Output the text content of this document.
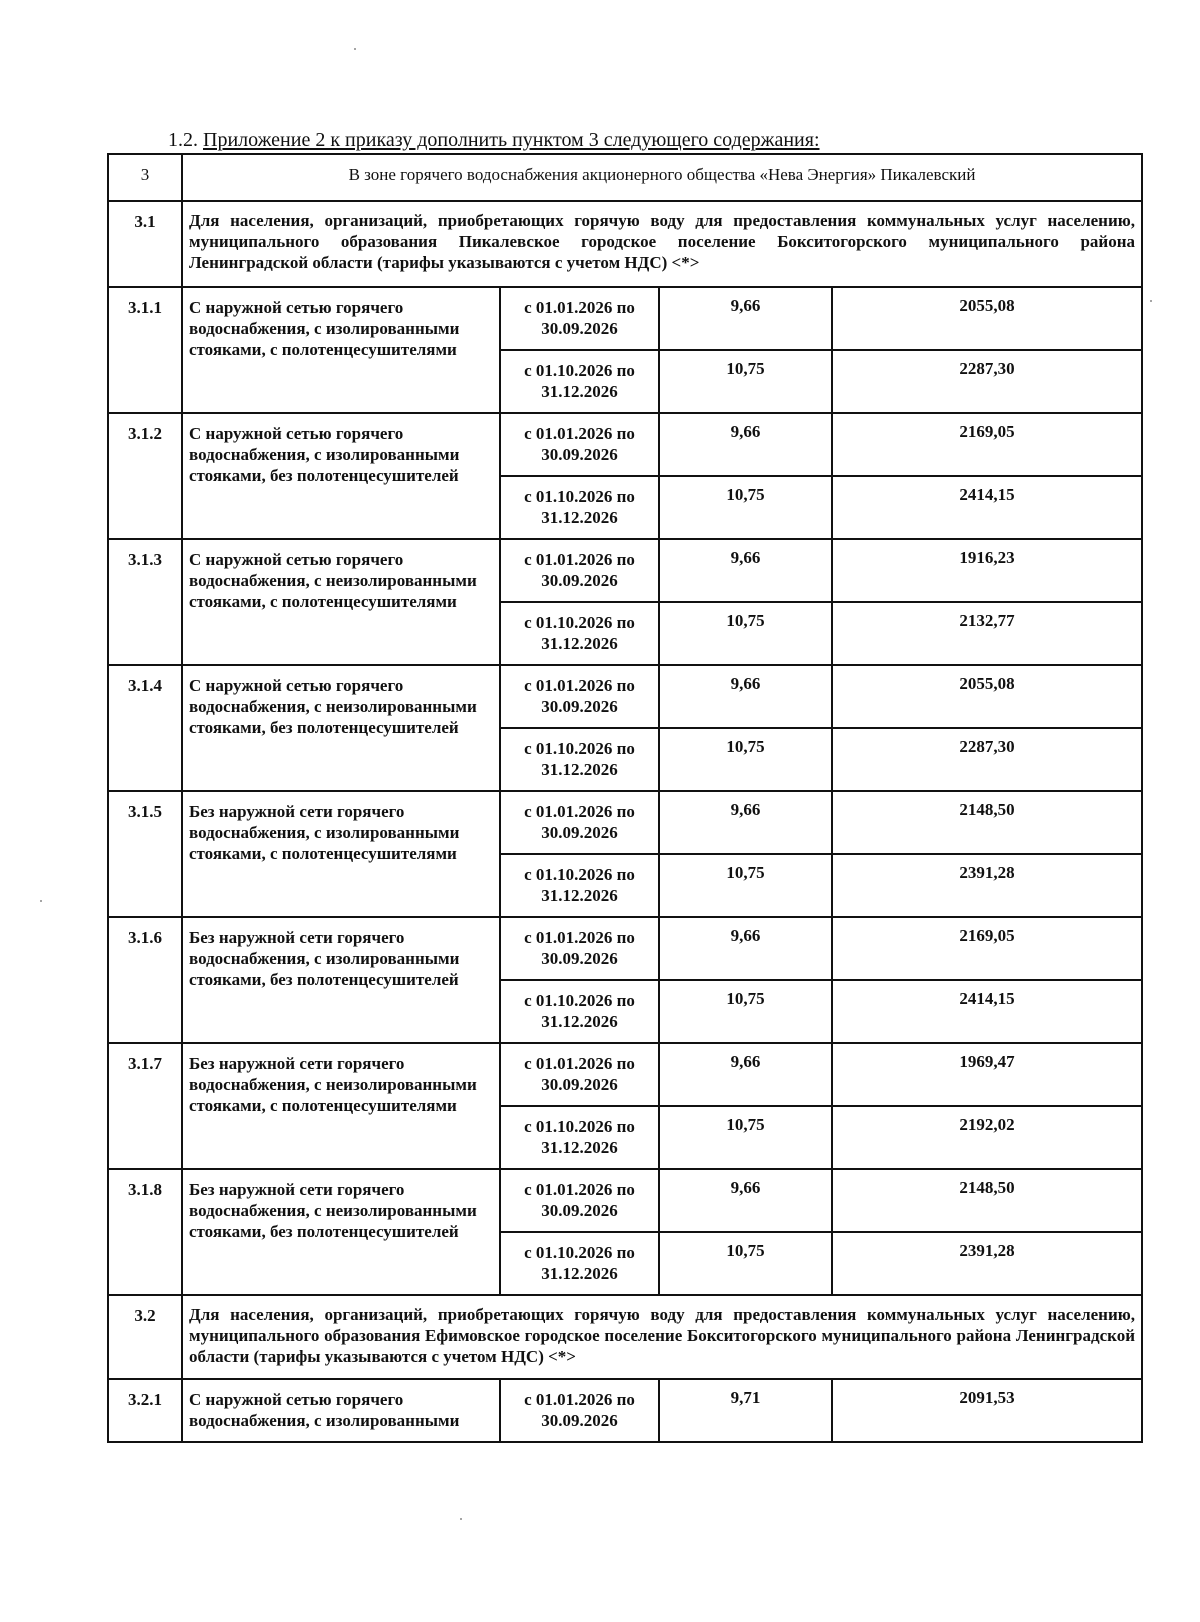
1.2. Приложение 2 к приказу дополнить пунктом 3 следующего содержания:
3	В зоне горячего водоснабжения акционерного общества «Нева Энергия» Пикалевский			

3.1	Для населения, организаций, приобретающих горячую воду для предоставления коммунальных услуг населению, муниципального образования Пикалевское городское поселение Бокситогорского муниципального района Ленинградской области (тарифы указываются с учетом НДС) <*>			

3.1.1	С наружной сетью горячего водоснабжения, с изолированными стояками, с полотенцесушителями	с 01.01.2026 по 30.09.2026	9,66	2055,08
		с 01.10.2026 по 31.12.2026	10,75	2287,30
3.1.2	С наружной сетью горячего водоснабжения, с изолированными стояками, без полотенцесушителей	с 01.01.2026 по 30.09.2026	9,66	2169,05
		с 01.10.2026 по 31.12.2026	10,75	2414,15
3.1.3	С наружной сетью горячего водоснабжения, с неизолированными стояками, с полотенцесушителями	с 01.01.2026 по 30.09.2026	9,66	1916,23
		с 01.10.2026 по 31.12.2026	10,75	2132,77
3.1.4	С наружной сетью горячего водоснабжения, с неизолированными стояками, без полотенцесушителей	с 01.01.2026 по 30.09.2026	9,66	2055,08
		с 01.10.2026 по 31.12.2026	10,75	2287,30
3.1.5	Без наружной сети горячего водоснабжения, с изолированными стояками, с полотенцесушителями	с 01.01.2026 по 30.09.2026	9,66	2148,50
		с 01.10.2026 по 31.12.2026	10,75	2391,28
3.1.6	Без наружной сети горячего водоснабжения, с изолированными стояками, без полотенцесушителей	с 01.01.2026 по 30.09.2026	9,66	2169,05
		с 01.10.2026 по 31.12.2026	10,75	2414,15
3.1.7	Без наружной сети горячего водоснабжения, с неизолированными стояками, с полотенцесушителями	с 01.01.2026 по 30.09.2026	9,66	1969,47
		с 01.10.2026 по 31.12.2026	10,75	2192,02
3.1.8	Без наружной сети горячего водоснабжения, с неизолированными стояками, без полотенцесушителей	с 01.01.2026 по 30.09.2026	9,66	2148,50
		с 01.10.2026 по 31.12.2026	10,75	2391,28
3.2	Для населения, организаций, приобретающих горячую воду для предоставления коммунальных услуг населению, муниципального образования Ефимовское городское поселение Бокситогорского муниципального района Ленинградской области (тарифы указываются с учетом НДС) <*>			

3.2.1	С наружной сетью горячего водоснабжения, с изолированными	с 01.01.2026 по 30.09.2026	9,71	2091,53
